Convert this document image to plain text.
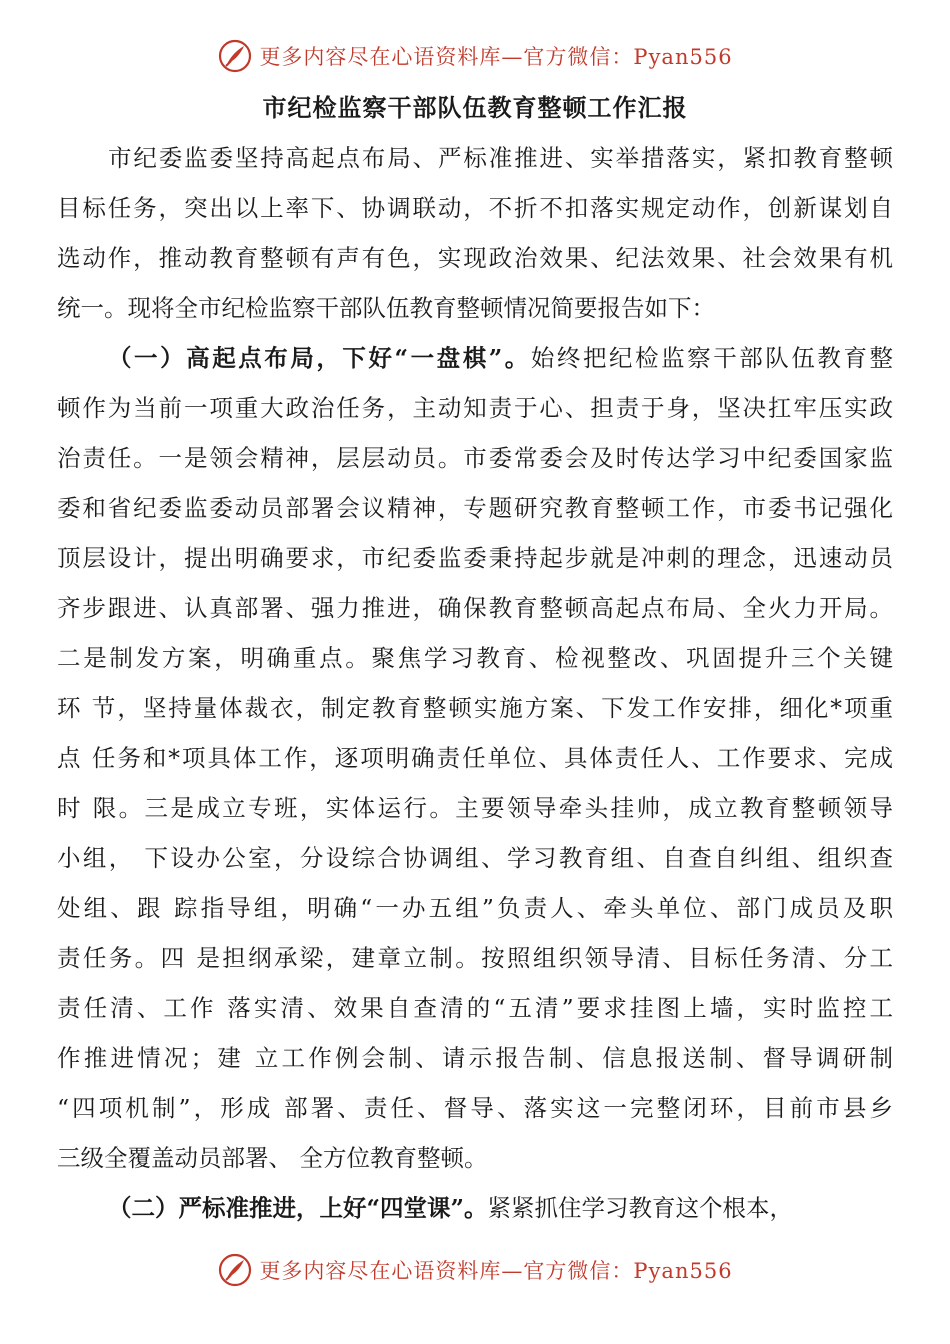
更多内容尽在心语资料库—官方微信：Pyan556
市纪检监察干部队伍教育整顿工作汇报
市纪委监委坚持高起点布局、严标准推进、实举措落实，紧扣教育整顿
目标任务，突出以上率下、协调联动，不折不扣落实规定动作，创新谋划自
选动作，推动教育整顿有声有色，实现政治效果、纪法效果、社会效果有机
统一。现将全市纪检监察干部队伍教育整顿情况简要报告如下：
（一）高起点布局，下好“一盘棋”。始终把纪检监察干部队伍教育整
顿作为当前一项重大政治任务，主动知责于心、担责于身，坚决扛牢压实政
治责任。一是领会精神，层层动员。市委常委会及时传达学习中纪委国家监
委和省纪委监委动员部署会议精神，专题研究教育整顿工作，市委书记强化
顶层设计，提出明确要求，市纪委监委秉持起步就是冲刺的理念，迅速动员
齐步跟进、认真部署、强力推进，确保教育整顿高起点布局、全火力开局。
二是制发方案，明确重点。聚焦学习教育、检视整改、巩固提升三个关键
环 节，坚持量体裁衣，制定教育整顿实施方案、下发工作安排，细化*项重
点 任务和*项具体工作，逐项明确责任单位、具体责任人、工作要求、完成
时 限。三是成立专班，实体运行。主要领导牵头挂帅，成立教育整顿领导
小组， 下设办公室，分设综合协调组、学习教育组、自查自纠组、组织查
处组、跟 踪指导组，明确“一办五组”负责人、牵头单位、部门成员及职
责任务。四 是担纲承梁，建章立制。按照组织领导清、目标任务清、分工
责任清、工作 落实清、效果自查清的“五清”要求挂图上墙，实时监控工
作推进情况；建 立工作例会制、请示报告制、信息报送制、督导调研制
“四项机制”，形成 部署、责任、督导、落实这一完整闭环，目前市县乡
三级全覆盖动员部署、 全方位教育整顿。
（二）严标准推进，上好“四堂课”。紧紧抓住学习教育这个根本，
更多内容尽在心语资料库—官方微信：Pyan556
